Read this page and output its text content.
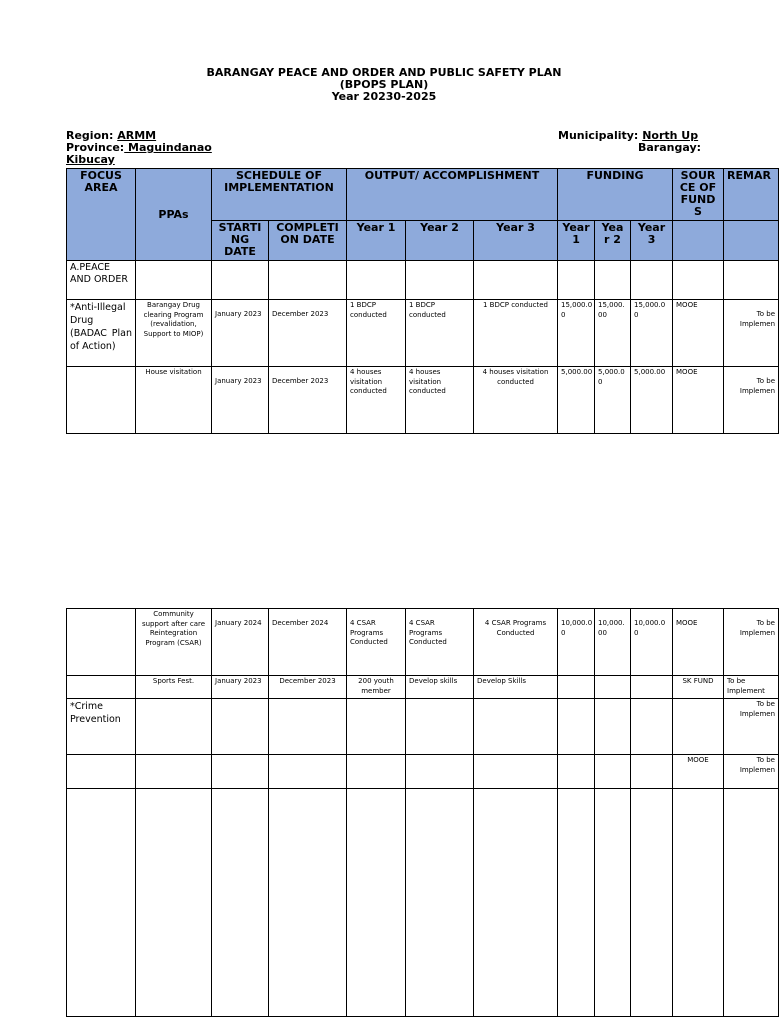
BARANGAY PEACE AND ORDER AND PUBLIC SAFETY PLAN
(BPOPS PLAN)
Year 20230-2025
Region: ARMM
Province: Maguindanao
Kibucay
Municipality: North Up
Barangay:
FOCUS AREA	PPAs	SCHEDULE OF IMPLEMENTATION		OUTPUT/ ACCOMPLISHMENT			FUNDING			SOUR CE OF FUND S	REMAR
		STARTI NG DATE	COMPLETI ON DATE	Year 1	Year 2	Year 3	Year 1	Yea r 2	Year 3		
A.PEACE AND ORDER											
*Anti-Illegal Drug (BADAC Plan of Action)	Barangay Drug clearing Program (revalidation, Support to MIOP)	January 2023	December 2023	1 BDCP conducted	1 BDCP conducted	1 BDCP conducted	15,000.0 0	15,000. 00	15,000.0 0	MOOE	To be Implemen
	House visitation	January 2023	December 2023	4 houses visitation conducted	4 houses visitation conducted	4 houses visitation conducted	5,000.00	5,000.0 0	5,000.00	MOOE	To be Implemen
	Community support after care Reintegration Program (CSAR)	January 2024	December 2024	4 CSAR Programs Conducted	4 CSAR Programs Conducted	4 CSAR Programs Conducted	10,000.0 0	10,000. 00	10,000.0 0	MOOE	To be Implemen
	Sports Fest.	January 2023	December 2023	200 youth member	Develop skills	Develop Skills				SK FUND	To be Implement
*Crime Prevention											To be Implemen
										MOOE	To be Implemen
